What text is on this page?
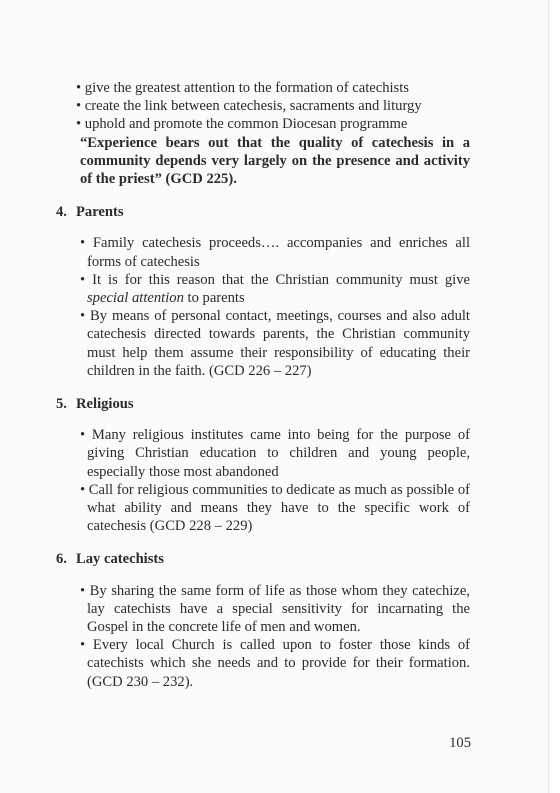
• give the greatest attention to the formation of catechists
• create the link between catechesis, sacraments and liturgy
• uphold and promote the common Diocesan programme

“Experience bears out that the quality of catechesis in a community depends very largely on the presence and activity of the priest” (GCD 225).

4. Parents
• Family catechesis proceeds…. accompanies and enriches all forms of catechesis
• It is for this reason that the Christian community must give special attention to parents
• By means of personal contact, meetings, courses and also adult catechesis directed towards parents, the Christian community must help them assume their responsibility of educating their children in the faith. (GCD 226 – 227)
5. Religious
• Many religious institutes came into being for the purpose of giving Christian education to children and young people, especially those most abandoned
• Call for religious communities to dedicate as much as possible of what ability and means they have to the specific work of catechesis (GCD 228 – 229)
6. Lay catechists
• By sharing the same form of life as those whom they catechize, lay catechists have a special sensitivity for incarnating the Gospel in the concrete life of men and women.
• Every local Church is called upon to foster those kinds of catechists which she needs and to provide for their formation. (GCD 230 – 232).
105
